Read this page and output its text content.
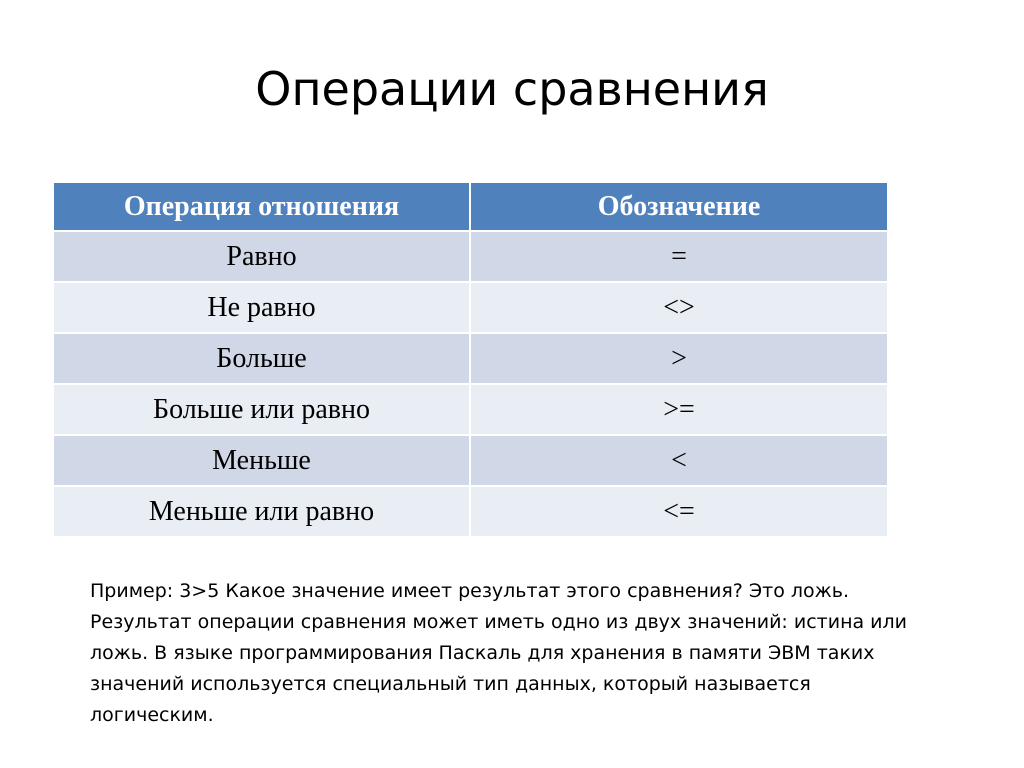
Операции сравнения
Операция отношения	Обозначение
Равно	=
Не равно	<>
Больше	>
Больше или равно	>=
Меньше	<
Меньше или равно	<=
Пример: 3>5 Какое значение имеет результат этого сравнения? Это ложь. Результат операции сравнения может иметь одно из двух значений: истина или ложь. В языке программирования Паскаль для хранения в памяти ЭВМ таких значений используется специальный тип данных, который называется логическим.
